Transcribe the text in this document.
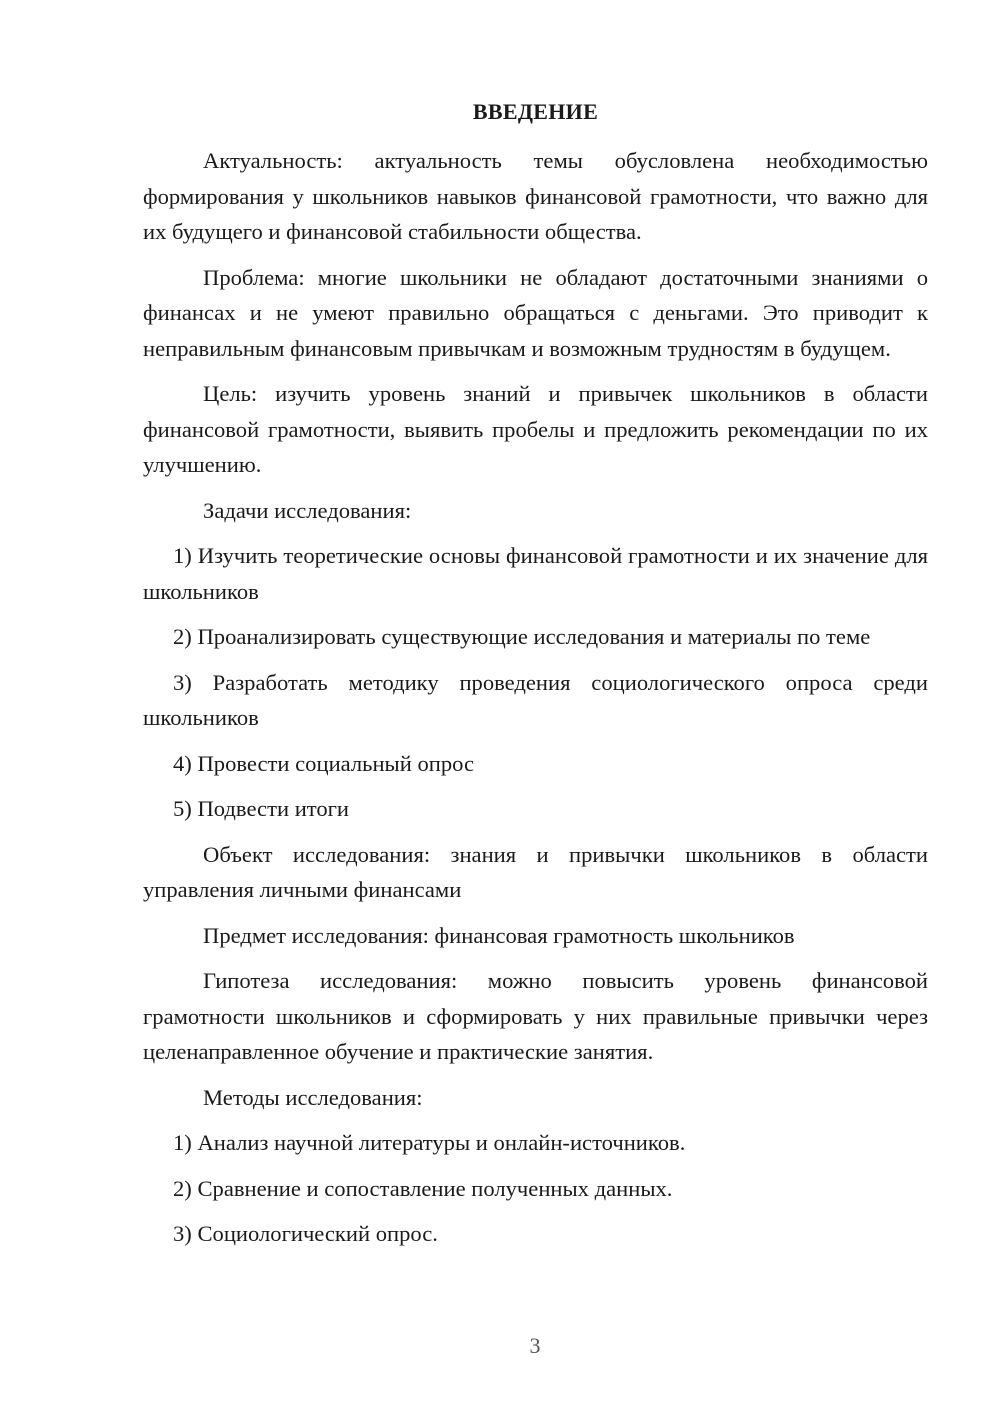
ВВЕДЕНИЕ

Актуальность: актуальность темы обусловлена необходимостью формирования у школьников навыков финансовой грамотности, что важно для их будущего и финансовой стабильности общества.

Проблема: многие школьники не обладают достаточными знаниями о финансах и не умеют правильно обращаться с деньгами. Это приводит к неправильным финансовым привычкам и возможным трудностям в будущем.

Цель: изучить уровень знаний и привычек школьников в области финансовой грамотности, выявить пробелы и предложить рекомендации по их улучшению.

Задачи исследования:

1) Изучить теоретические основы финансовой грамотности и их значение для школьников

2) Проанализировать существующие исследования и материалы по теме

3) Разработать методику проведения социологического опроса среди школьников

4) Провести социальный опрос

5) Подвести итоги

Объект исследования: знания и привычки школьников в области управления личными финансами

Предмет исследования: финансовая грамотность школьников

Гипотеза исследования: можно повысить уровень финансовой грамотности школьников и сформировать у них правильные привычки через целенаправленное обучение и практические занятия.

Методы исследования:

1) Анализ научной литературы и онлайн-источников.

2) Сравнение и сопоставление полученных данных.

3) Социологический опрос.

3
